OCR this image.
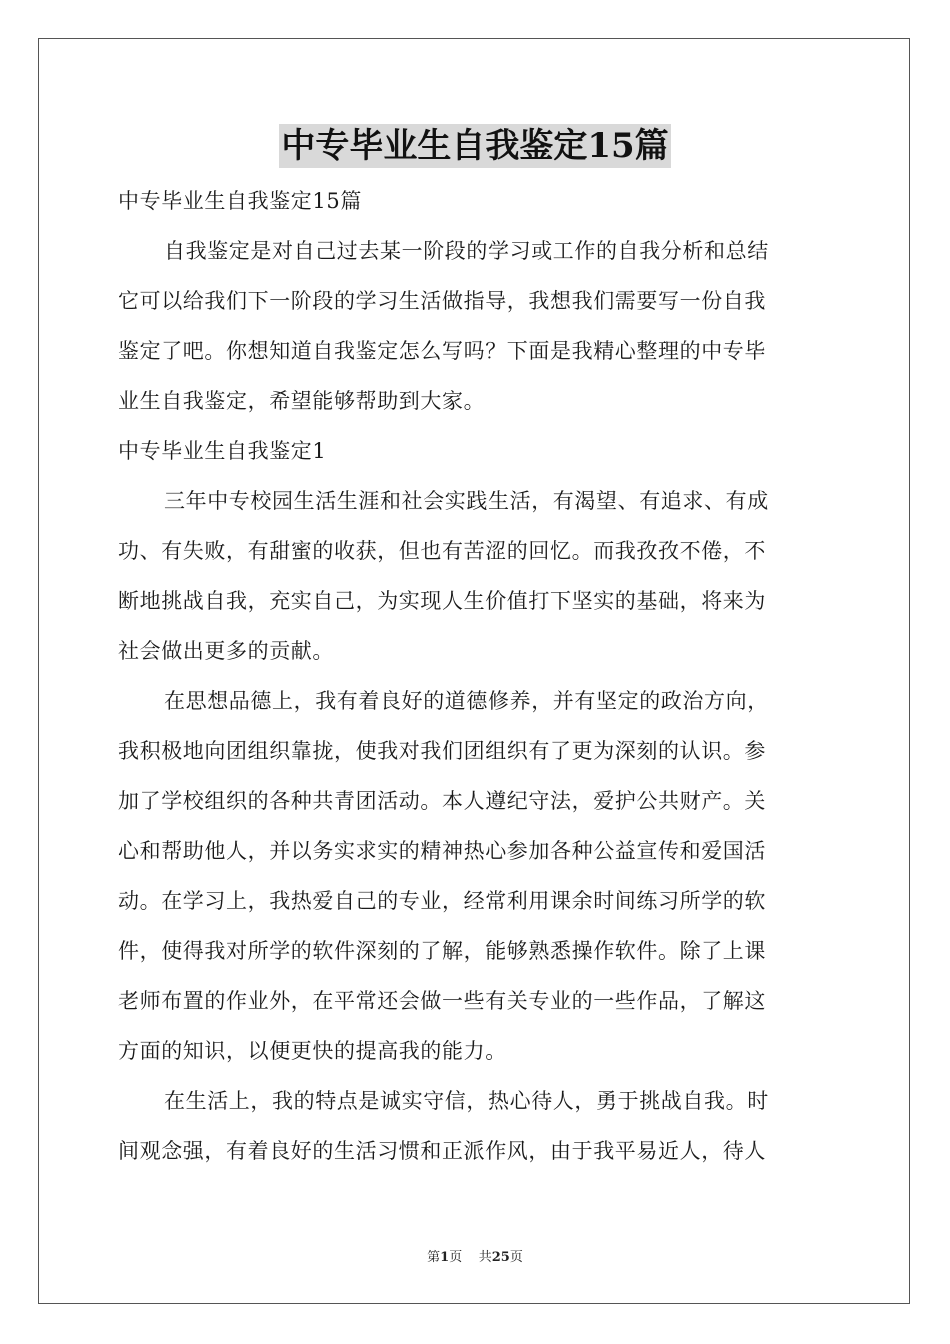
中专毕业生自我鉴定15篇
中专毕业生自我鉴定15篇
自我鉴定是对自己过去某一阶段的学习或工作的自我分析和总结
它可以给我们下一阶段的学习生活做指导，我想我们需要写一份自我
鉴定了吧。你想知道自我鉴定怎么写吗？下面是我精心整理的中专毕
业生自我鉴定，希望能够帮助到大家。
中专毕业生自我鉴定1
三年中专校园生活生涯和社会实践生活，有渴望、有追求、有成
功、有失败，有甜蜜的收获，但也有苦涩的回忆。而我孜孜不倦，不
断地挑战自我，充实自己，为实现人生价值打下坚实的基础，将来为
社会做出更多的贡献。
在思想品德上，我有着良好的道德修养，并有坚定的政治方向，
我积极地向团组织靠拢，使我对我们团组织有了更为深刻的认识。参
加了学校组织的各种共青团活动。本人遵纪守法，爱护公共财产。关
心和帮助他人，并以务实求实的精神热心参加各种公益宣传和爱国活
动。在学习上，我热爱自己的专业，经常利用课余时间练习所学的软
件，使得我对所学的软件深刻的了解，能够熟悉操作软件。除了上课
老师布置的作业外，在平常还会做一些有关专业的一些作品，了解这
方面的知识，以便更快的提高我的能力。
在生活上，我的特点是诚实守信，热心待人，勇于挑战自我。时
间观念强，有着良好的生活习惯和正派作风，由于我平易近人，待人
第1页 共25页
